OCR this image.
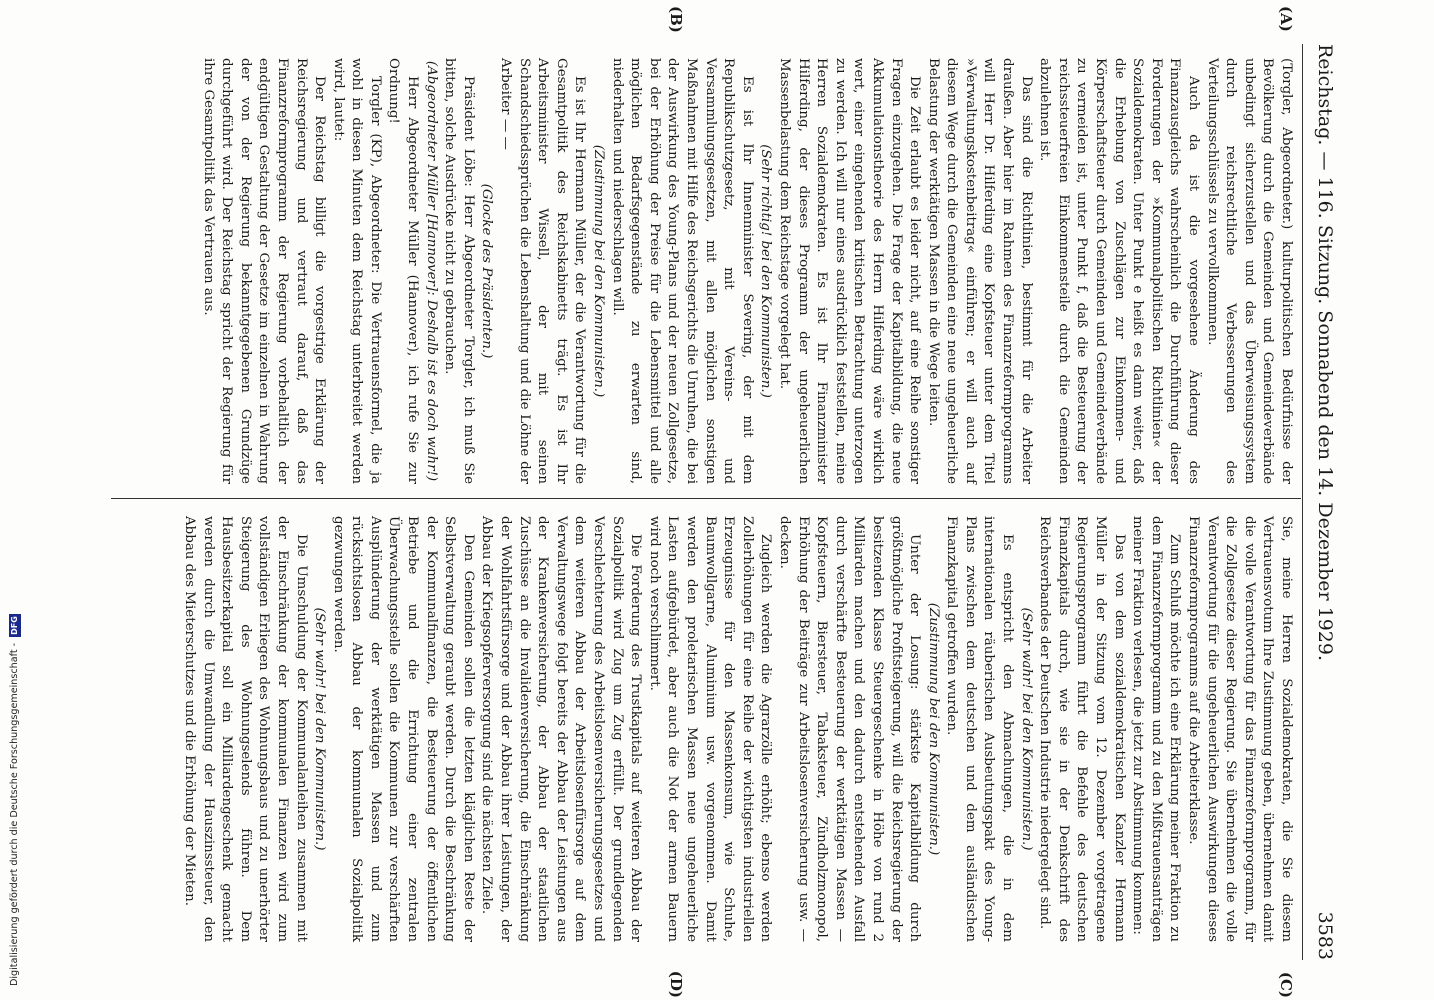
Reichstag. — 116. Sitzung. Sonnabend den 14. Dezember 1929.
3583
(A)
(B)
(C)
(D)

(Torgler, Abgeordneter.) kulturpolitischen Bedürfnisse der Bevölkerung durch die Gemeinden und Gemeindeverbände unbedingt sicherzustellen und das Überweisungssystem durch reichsrechtliche Verbesserungen des Verteilungsschlüssels zu vervollkommnen.

Auch da ist die vorgesehene Änderung des Finanzausgleichs wahrscheinlich die Durchführung dieser Forderungen der »Kommunalpolitischen Richtlinien« der Sozialdemokraten. Unter Punkt e heißt es dann weiter, daß die Erhebung von Zuschlägen zur Einkommen- und Körperschaftsteuer durch Gemeinden und Gemeindeverbände zu vermeiden ist, unter Punkt f, daß die Besteuerung der reichssteuerfreien Einkommensteile durch die Gemeinden abzulehnen ist.

Das sind die Richtlinien, bestimmt für die Arbeiter draußen. Aber hier im Rahmen des Finanzreformprogramms will Herr Dr. Hilferding eine Kopfsteuer unter dem Titel »Verwaltungskostenbeitrag« einführen; er will auch auf diesem Wege durch die Gemeinden eine neue ungeheuerliche Belastung der werktätigen Massen in die Wege leiten.

Die Zeit erlaubt es leider nicht, auf eine Reihe sonstiger Fragen einzugehen. Die Frage der Kapitalbildung, die neue Akkumulationstheorie des Herrn Hilferding wäre wirklich wert, einer eingehenden kritischen Betrachtung unterzogen zu werden. Ich will nur eines ausdrücklich feststellen, meine Herren Sozialdemokraten. Es ist Ihr Finanzminister Hilferding, der dieses Programm der ungeheuerlichen Massenbelastung dem Reichstage vorgelegt hat.

(Sehr richtig! bei den Kommunisten.)

Es ist Ihr Innenminister Severing, der mit dem Republikschutzgesetz, mit Vereins- und Versammlungsgesetzen, mit allen möglichen sonstigen Maßnahmen mit Hilfe des Reichsgerichts die Unruhen, die bei der Auswirkung des Young-Plans und der neuen Zollgesetze, bei der Erhöhung der Preise für die Lebensmittel und alle möglichen Bedarfsgegenstände zu erwarten sind, niederhalten und niederschlagen will.

(Zustimmung bei den Kommunisten.)

Es ist Ihr Hermann Müller, der die Verantwortung für die Gesamtpolitik des Reichskabinetts trägt. Es ist Ihr Arbeitsminister Wissell, der mit seinen Schandschiedssprüchen die Lebenshaltung und die Löhne der Arbeiter — —

(Glocke des Präsidenten.)

Präsident Löbe: Herr Abgeordneter Torgler, ich muß Sie bitten, solche Ausdrücke nicht zu gebrauchen.

(Abgeordneter Müller [Hannover]: Deshalb ist es doch wahr!)

Herr Abgeordneter Müller (Hannover), ich rufe Sie zur Ordnung!

Torgler (KP), Abgeordneter: Die Vertrauensformel, die ja wohl in diesen Minuten dem Reichstag unterbreitet werden wird, lautet:

Der Reichstag billigt die vorgestrige Erklärung der Reichsregierung und vertraut darauf, daß das Finanzreformprogramm der Regierung vorbehaltlich der endgültigen Gestaltung der Gesetze im einzelnen in Wahrung der von der Regierung bekanntgegebenen Grundzüge durchgeführt wird. Der Reichstag spricht der Regierung für ihre Gesamtpolitik das Vertrauen aus.

Sie, meine Herren Sozialdemokraten, die Sie diesem Vertrauensvotum Ihre Zustimmung geben, übernehmen damit die volle Verantwortung für das Finanzreformprogramm, für die Zollgesetze dieser Regierung. Sie übernehmen die volle Verantwortung für die ungeheuerlichen Auswirkungen dieses Finanzreformprogramms auf die Arbeiterklasse.

Zum Schluß möchte ich eine Erklärung meiner Fraktion zu dem Finanzreformprogramm und zu den Mißtrauensanträgen meiner Fraktion verlesen, die jetzt zur Abstimmung kommen:

Das von dem sozialdemokratischen Kanzler Hermann Müller in der Sitzung vom 12. Dezember vorgetragene Regierungsprogramm führt die Befehle des deutschen Finanzkapitals durch, wie sie in der Denkschrift des Reichsverbandes der Deutschen Industrie niedergelegt sind.

(Sehr wahr! bei den Kommunisten.)

Es entspricht den Abmachungen, die in dem internationalen räuberischen Ausbeutungspakt des Young-Plans zwischen dem deutschen und dem ausländischen Finanzkapital getroffen wurden.

(Zustimmung bei den Kommunisten.)

Unter der Losung: stärkste Kapitalbildung durch größtmögliche Profitsteigerung, will die Reichsregierung der besitzenden Klasse Steuergeschenke in Höhe von rund 2 Milliarden machen und den dadurch entstehenden Ausfall durch verschärfte Besteuerung der werktätigen Massen — Kopfsteuern, Biersteuer, Tabaksteuer, Zündholzmonopol, Erhöhung der Beiträge zur Arbeitslosenversicherung usw. — decken.

Zugleich werden die Agrarzölle erhöht; ebenso werden Zollerhöhungen für eine Reihe der wichtigsten industriellen Erzeugnisse für den Massenkonsum, wie Schuhe, Baumwollgarne, Aluminium usw. vorgenommen. Damit werden den proletarischen Massen neue ungeheuerliche Lasten aufgebürdet, aber auch die Not der armen Bauern wird noch verschlimmert.

Die Forderung des Trustkapitals auf weiteren Abbau der Sozialpolitik wird Zug um Zug erfüllt. Der grundlegenden Verschlechterung des Arbeitslosenversicherungsgesetzes und dem weiteren Abbau der Arbeitslosenfürsorge auf dem Verwaltungswege folgt bereits der Abbau der Leistungen aus der Krankenversicherung, der Abbau der staatlichen Zuschüsse an die Invalidenversicherung, die Einschränkung der Wohlfahrtsfürsorge und der Abbau ihrer Leistungen, der Abbau der Kriegsopferversorgung sind die nächsten Ziele.

Den Gemeinden sollen die letzten kläglichen Reste der Selbstverwaltung geraubt werden. Durch die Beschränkung der Kommunalfinanzen, die Besteuerung der öffentlichen Betriebe und die Errichtung einer zentralen Überwachungsstelle sollen die Kommunen zur verschärften Ausplünderung der werktätigen Massen und zum rücksichtslosen Abbau der kommunalen Sozialpolitik gezwungen werden.

(Sehr wahr! bei den Kommunisten.)

Die Umschuldung der Kommunalanleihen zusammen mit der Einschränkung der kommunalen Finanzen wird zum vollständigen Erliegen des Wohnungsbaus und zu unerhörter Steigerung des Wohnungselends führen. Dem Hausbesitzerkapital soll ein Milliardengeschenk gemacht werden durch die Umwandlung der Hauszinssteuer, den Abbau des Mieterschutzes und die Erhöhung der Mieten.

Digitalisierung gefördert durch die Deutsche Forschungsgemeinschaft - DFG
